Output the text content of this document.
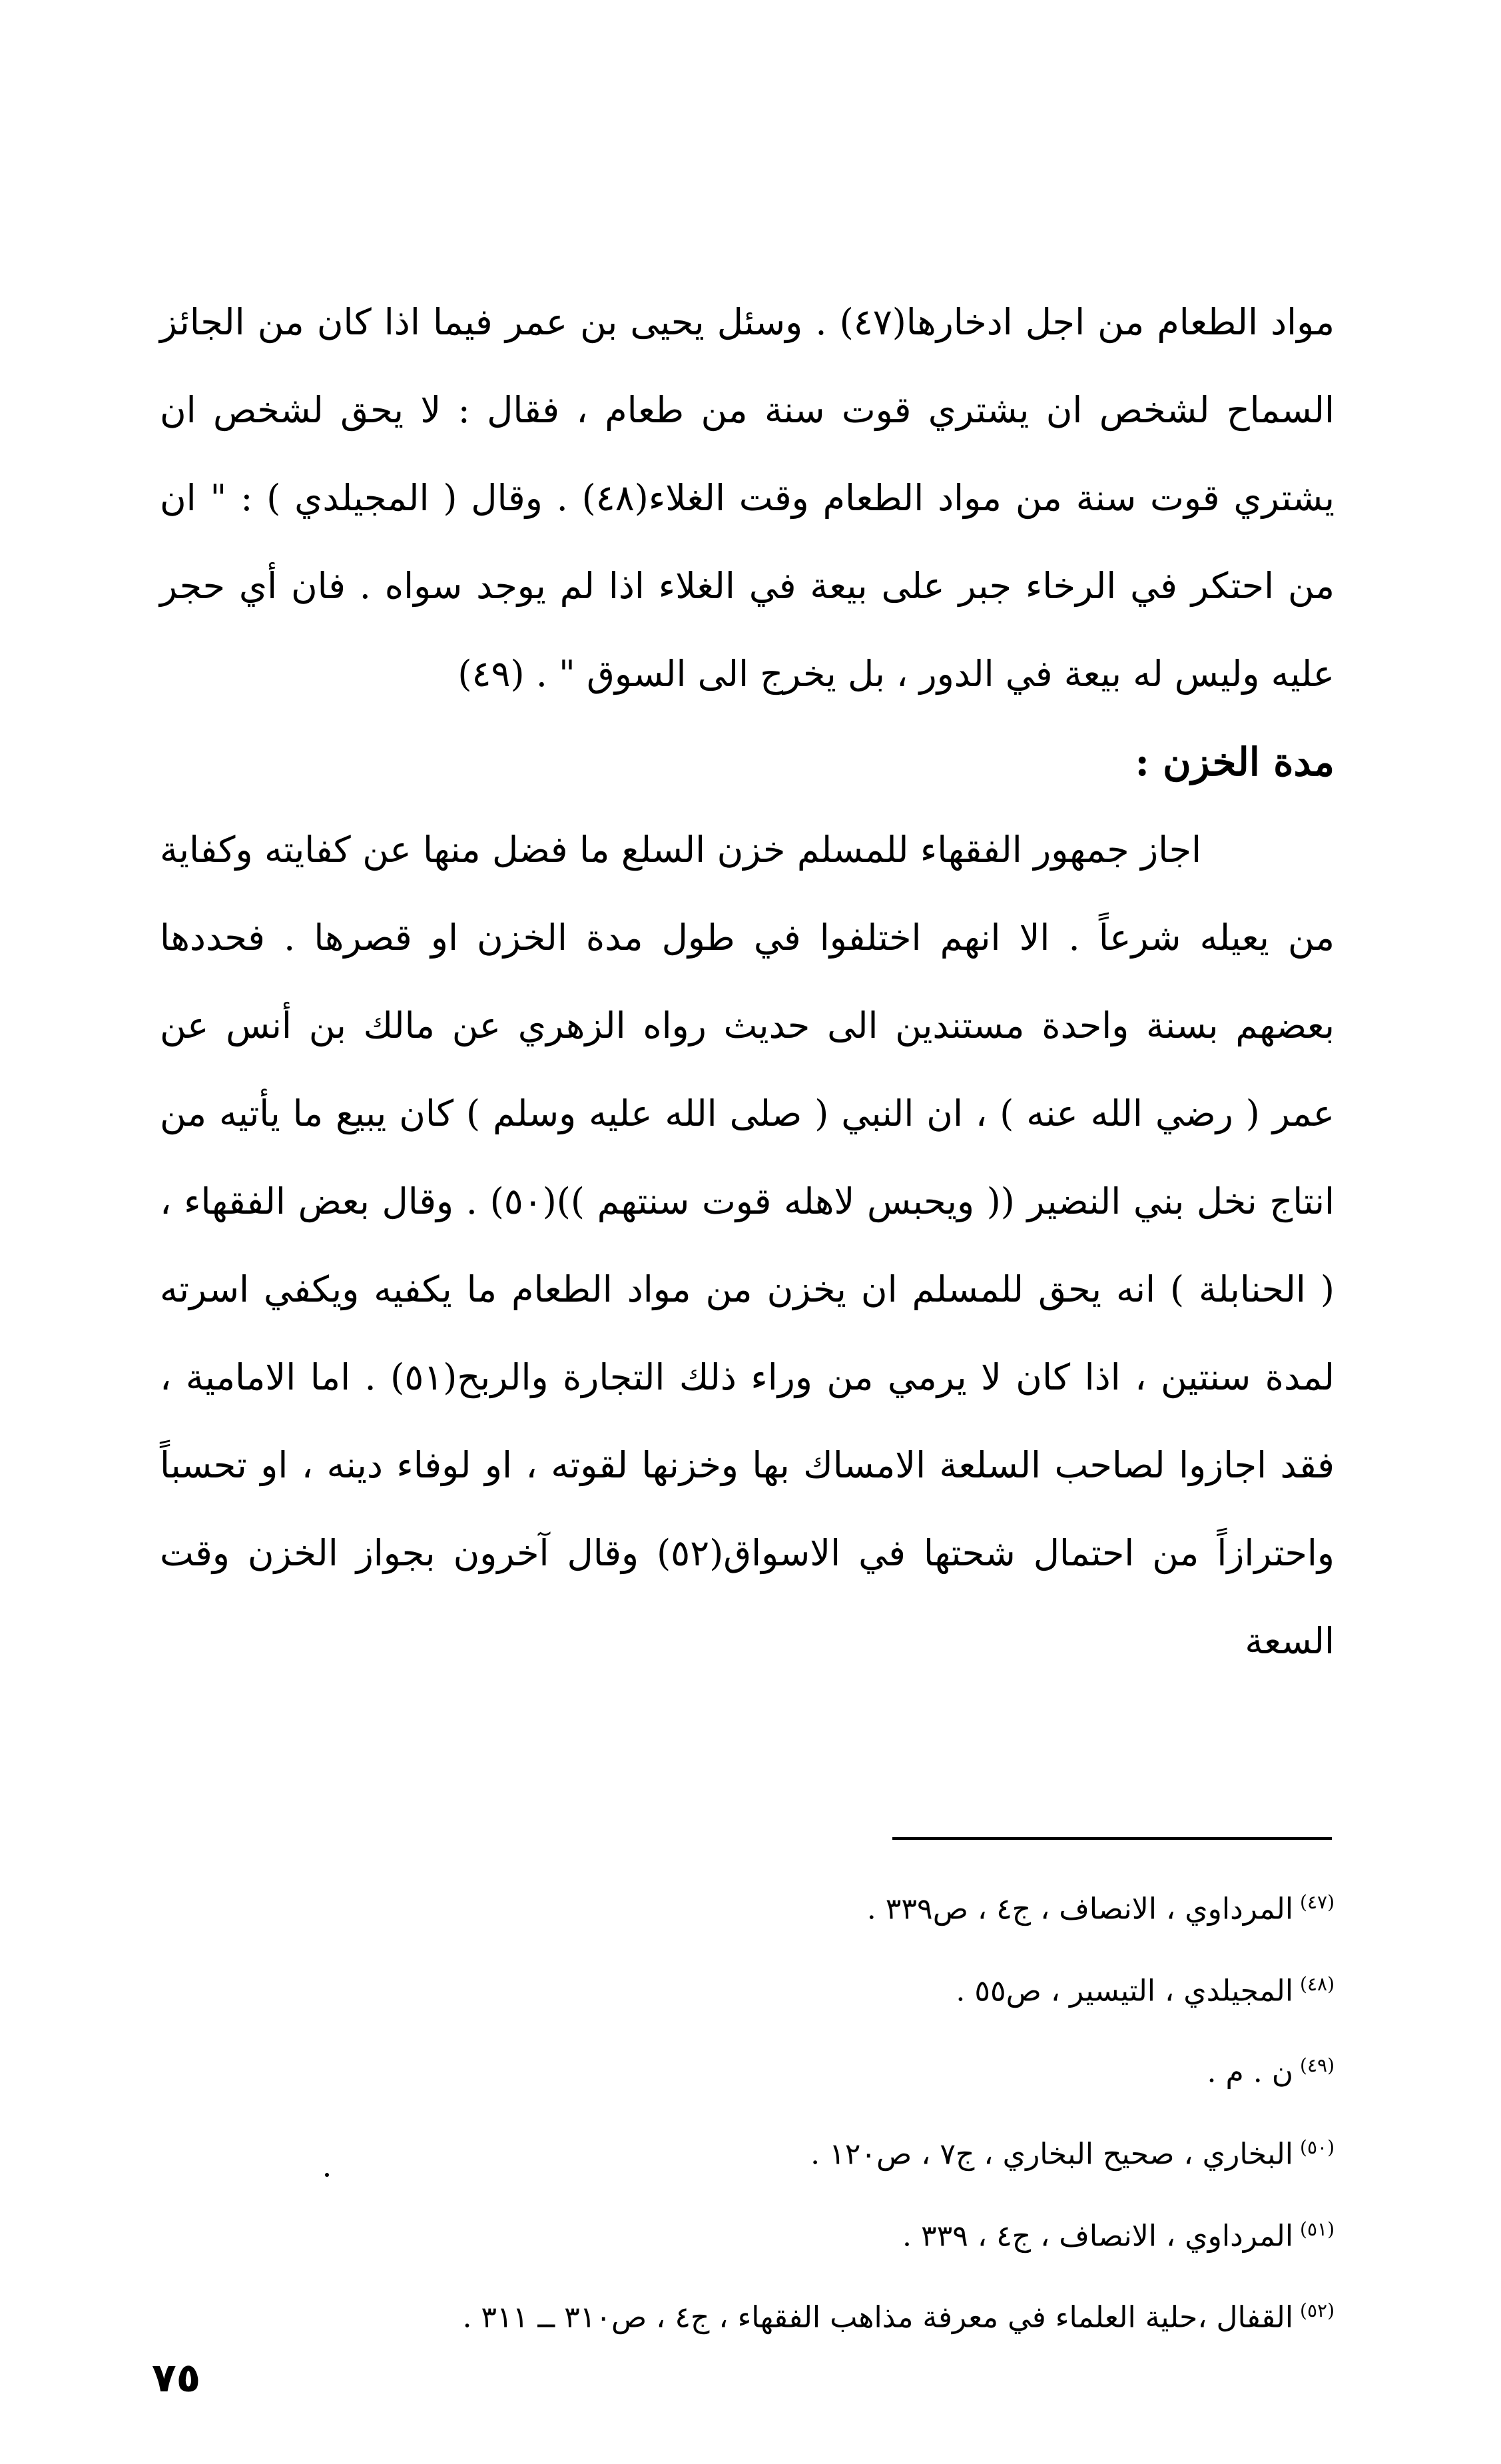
مواد الطعام من اجل ادخارها(٤٧) . وسئل يحيى بن عمر فيما اذا كان من الجائز السماح لشخص ان يشتري قوت سنة من طعام ، فقال : لا يحق لشخص ان يشتري قوت سنة من مواد الطعام وقت الغلاء(٤٨) . وقال ( المجيلدي ) : " ان من احتكر في الرخاء جبر على بيعة في الغلاء اذا لم يوجد سواه . فان أي حجر عليه وليس له بيعة في الدور ، بل يخرج الى السوق " . (٤٩)

مدة الخزن :

اجاز جمهور الفقهاء للمسلم خزن السلع ما فضل منها عن كفايته وكفاية من يعيله شرعاً . الا انهم اختلفوا في طول مدة الخزن او قصرها . فحددها بعضهم بسنة واحدة مستندين الى حديث رواه الزهري عن مالك بن أنس عن عمر ( رضي الله عنه ) ، ان النبي ( صلى الله عليه وسلم ) كان يبيع ما يأتيه من انتاج نخل بني النضير (( ويحبس لاهله قوت سنتهم ))(٥٠) . وقال بعض الفقهاء ، ( الحنابلة ) انه يحق للمسلم ان يخزن من مواد الطعام ما يكفيه ويكفي اسرته لمدة سنتين ، اذا كان لا يرمي من وراء ذلك التجارة والربح(٥١) . اما الامامية ، فقد اجازوا لصاحب السلعة الامساك بها وخزنها لقوته ، او لوفاء دينه ، او تحسباً واحترازاً من احتمال شحتها في الاسواق(٥٢) وقال آخرون بجواز الخزن وقت السعة

$^{(٤٧)}$المرداوي ، الانصاف ، ج٤ ، ص٣٣٩ .
$^{(٤٨)}$المجيلدي ، التيسير ، ص٥٥ .
$^{(٤٩)}$ن . م .
$^{(٥٠)}$البخاري ، صحيح البخاري ، ج٧ ، ص١٢٠ .
$^{(٥١)}$المرداوي ، الانصاف ، ج٤ ، ٣٣٩ .
$^{(٥٢)}$القفال ،حلية العلماء في معرفة مذاهب الفقهاء ، ج٤ ، ص٣١٠ ــ ٣١١ .
٧٥
